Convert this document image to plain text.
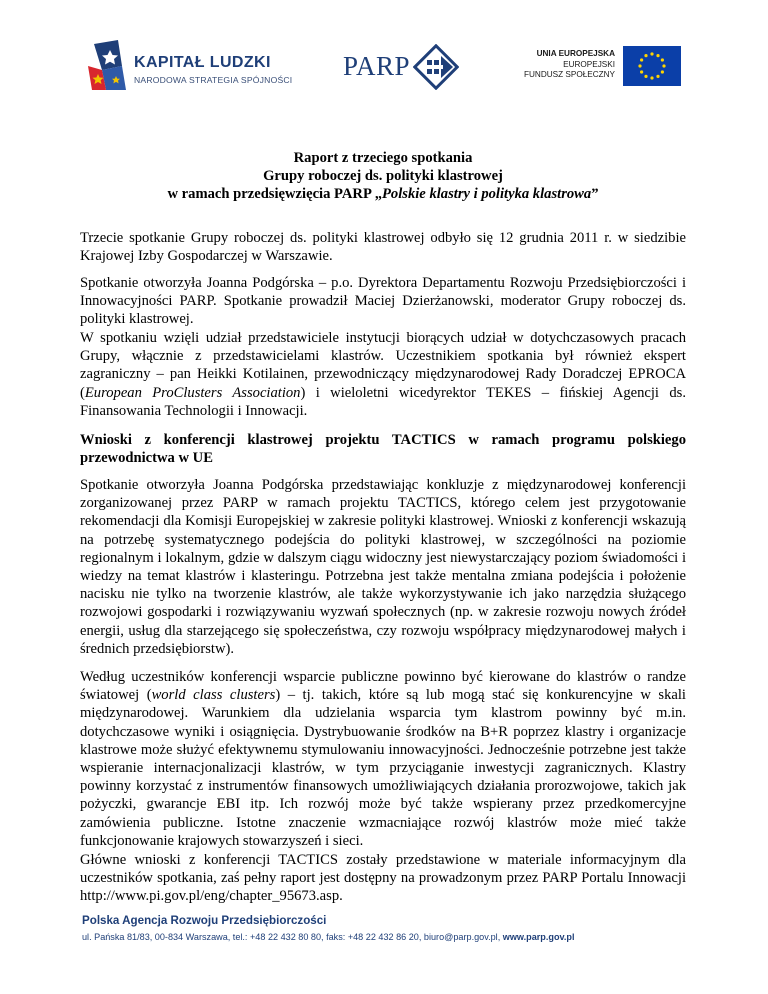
KAPITAŁ LUDZKI
NARODOWA STRATEGIA SPÓJNOŚCI PARP	UNIA EUROPEJSKA
EUROPEJSKI
FUNDUSZ SPOŁECZNY
Raport z trzeciego spotkania
Grupy roboczej ds. polityki klastrowej
w ramach przedsięwzięcia PARP „Polskie klastry i polityka klastrowa”

Trzecie spotkanie Grupy roboczej ds. polityki klastrowej odbyło się 12 grudnia 2011 r. w siedzibie Krajowej Izby Gospodarczej w Warszawie.

Spotkanie otworzyła Joanna Podgórska – p.o. Dyrektora Departamentu Rozwoju Przedsiębiorczości i Innowacyjności PARP. Spotkanie prowadził Maciej Dzierżanowski, moderator Grupy roboczej ds. polityki klastrowej.

W spotkaniu wzięli udział przedstawiciele instytucji biorących udział w dotychczasowych pracach Grupy, włącznie z przedstawicielami klastrów. Uczestnikiem spotkania był również ekspert zagraniczny – pan Heikki Kotilainen, przewodniczący międzynarodowej Rady Doradczej EPROCA (European ProClusters Association) i wieloletni wicedyrektor TEKES – fińskiej Agencji ds. Finansowania Technologii i Innowacji.

Wnioski z konferencji klastrowej projektu TACTICS w ramach programu polskiego przewodnictwa w UE

Spotkanie otworzyła Joanna Podgórska przedstawiając konkluzje z międzynarodowej konferencji zorganizowanej przez PARP w ramach projektu TACTICS, którego celem jest przygotowanie rekomendacji dla Komisji Europejskiej w zakresie polityki klastrowej. Wnioski z konferencji wskazują na potrzebę systematycznego podejścia do polityki klastrowej, w szczególności na poziomie regionalnym i lokalnym, gdzie w dalszym ciągu widoczny jest niewystarczający poziom świadomości i wiedzy na temat klastrów i klasteringu. Potrzebna jest także mentalna zmiana podejścia i położenie nacisku nie tylko na tworzenie klastrów, ale także wykorzystywanie ich jako narzędzia służącego rozwojowi gospodarki i rozwiązywaniu wyzwań społecznych (np. w zakresie rozwoju nowych źródeł energii, usług dla starzejącego się społeczeństwa, czy rozwoju współpracy międzynarodowej małych i średnich przedsiębiorstw).

Według uczestników konferencji wsparcie publiczne powinno być kierowane do klastrów o randze światowej (world class clusters) – tj. takich, które są lub mogą stać się konkurencyjne w skali międzynarodowej. Warunkiem dla udzielania wsparcia tym klastrom powinny być m.in. dotychczasowe wyniki i osiągnięcia. Dystrybuowanie środków na B+R poprzez klastry i organizacje klastrowe może służyć efektywnemu stymulowaniu innowacyjności. Jednocześnie potrzebne jest także wspieranie internacjonalizacji klastrów, w tym przyciąganie inwestycji zagranicznych. Klastry powinny korzystać z instrumentów finansowych umożliwiających działania prorozwojowe, takich jak pożyczki, gwarancje EBI itp. Ich rozwój może być także wspierany przez przedkomercyjne zamówienia publiczne. Istotne znaczenie wzmacniające rozwój klastrów może mieć także funkcjonowanie krajowych stowarzyszeń i sieci.

Główne wnioski z konferencji TACTICS zostały przedstawione w materiale informacyjnym dla uczestników spotkania, zaś pełny raport jest dostępny na prowadzonym przez PARP Portalu Innowacji http://www.pi.gov.pl/eng/chapter_95673.asp.

Polska Agencja Rozwoju Przedsiębiorczości
ul. Pańska 81/83, 00-834 Warszawa, tel.: +48 22 432 80 80, faks: +48 22 432 86 20, biuro@parp.gov.pl, www.parp.gov.pl
